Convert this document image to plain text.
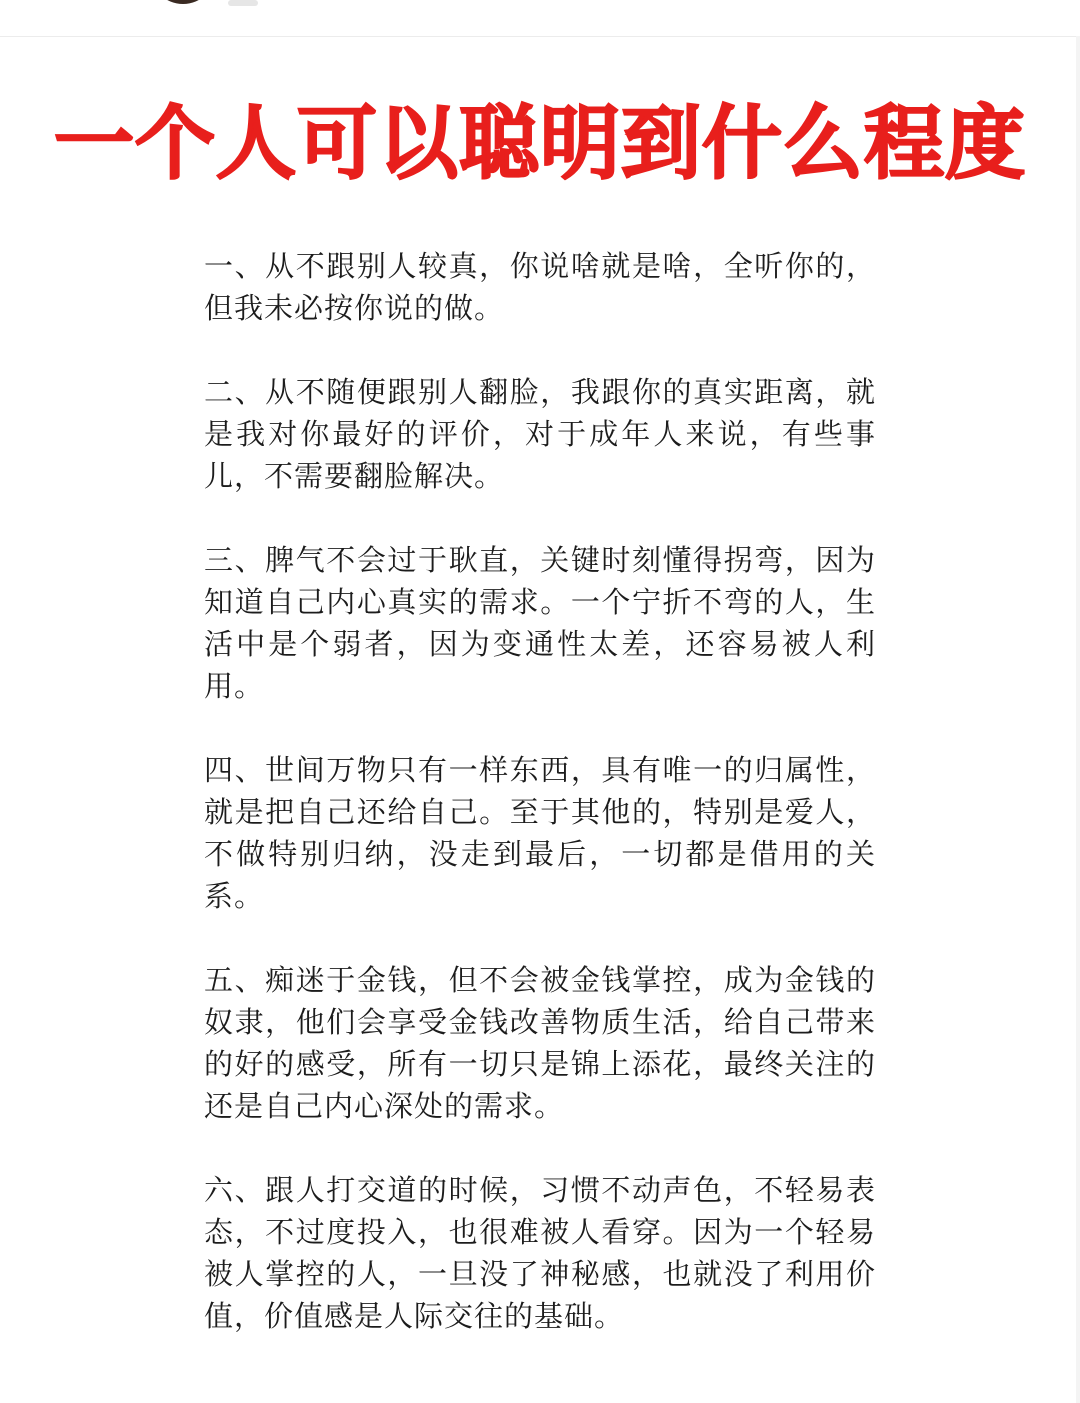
一个人可以聪明到什么程度

一、从不跟别人较真，你说啥就是啥，全听你的，但我未必按你说的做。

二、从不随便跟别人翻脸，我跟你的真实距离，就是我对你最好的评价，对于成年人来说，有些事儿，不需要翻脸解决。

三、脾气不会过于耿直，关键时刻懂得拐弯，因为知道自己内心真实的需求。一个宁折不弯的人，生活中是个弱者，因为变通性太差，还容易被人利用。

四、世间万物只有一样东西，具有唯一的归属性，就是把自己还给自己。至于其他的，特别是爱人，不做特别归纳，没走到最后，一切都是借用的关系。

五、痴迷于金钱，但不会被金钱掌控，成为金钱的奴隶，他们会享受金钱改善物质生活，给自己带来的好的感受，所有一切只是锦上添花，最终关注的还是自己内心深处的需求。

六、跟人打交道的时候，习惯不动声色，不轻易表态，不过度投入，也很难被人看穿。因为一个轻易被人掌控的人，一旦没了神秘感，也就没了利用价值，价值感是人际交往的基础。
